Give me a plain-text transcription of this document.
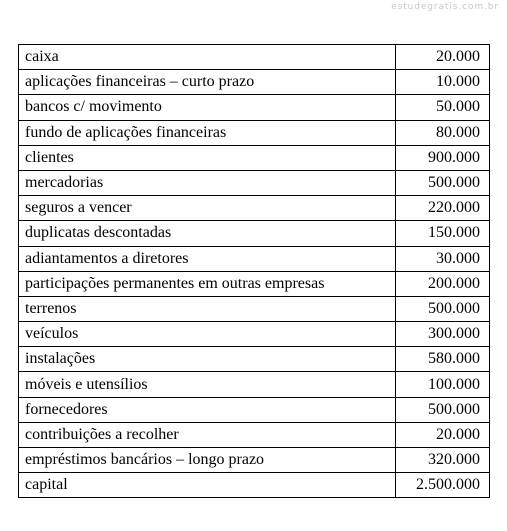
estudegratis.com.br
caixa	20.000
aplicações financeiras – curto prazo	10.000
bancos c/ movimento	50.000
fundo de aplicações financeiras	80.000
clientes	900.000
mercadorias	500.000
seguros a vencer	220.000
duplicatas descontadas	150.000
adiantamentos a diretores	30.000
participações permanentes em outras empresas	200.000
terrenos	500.000
veículos	300.000
instalações	580.000
móveis e utensílios	100.000
fornecedores	500.000
contribuições a recolher	20.000
empréstimos bancários – longo prazo	320.000
capital	2.500.000
